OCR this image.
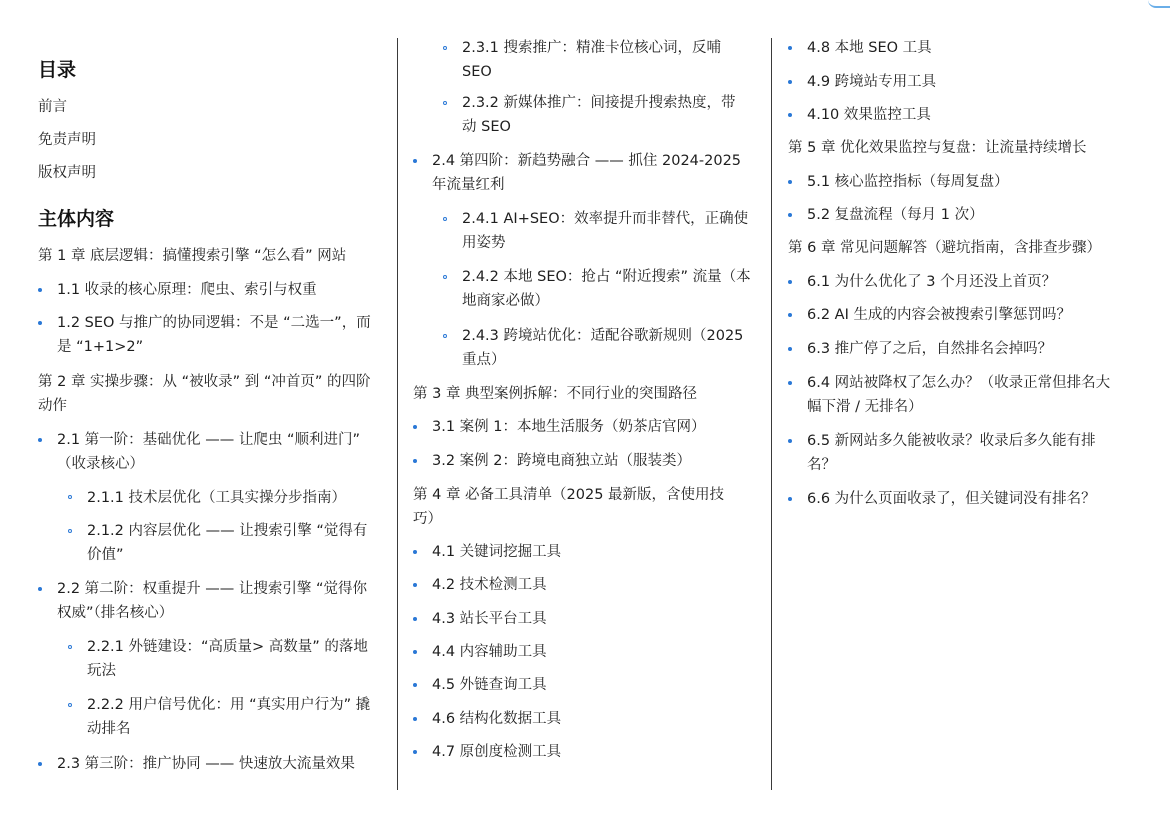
目录
前言
免责声明
版权声明
主体内容
第 1 章 底层逻辑：搞懂搜索引擎 “怎么看” 网站
1.1 收录的核心原理：爬虫、索引与权重
1.2 SEO 与推广的协同逻辑：不是 “二选一”，而
是 “1+1>2”
第 2 章 实操步骤：从 “被收录” 到 “冲首页” 的四阶
动作
2.1 第一阶：基础优化 —— 让爬虫 “顺利进门”
（收录核心）
2.1.1 技术层优化（工具实操分步指南）
2.1.2 内容层优化 —— 让搜索引擎 “觉得有
价值”
2.2 第二阶：权重提升 —— 让搜索引擎 “觉得你
权威”（排名核心）
2.2.1 外链建设：“高质量> 高数量” 的落地
玩法
2.2.2 用户信号优化：用 “真实用户行为” 撬
动排名
2.3 第三阶：推广协同 —— 快速放大流量效果
2.3.1 搜索推广：精准卡位核心词，反哺
SEO
2.3.2 新媒体推广：间接提升搜索热度，带
动 SEO
2.4 第四阶：新趋势融合 —— 抓住 2024-2025
年流量红利
2.4.1 AI+SEO：效率提升而非替代，正确使
用姿势
2.4.2 本地 SEO：抢占 “附近搜索” 流量（本
地商家必做）
2.4.3 跨境站优化：适配谷歌新规则（2025
重点）
第 3 章 典型案例拆解：不同行业的突围路径
3.1 案例 1：本地生活服务（奶茶店官网）
3.2 案例 2：跨境电商独立站（服装类）
第 4 章 必备工具清单（2025 最新版，含使用技
巧）
4.1 关键词挖掘工具
4.2 技术检测工具
4.3 站长平台工具
4.4 内容辅助工具
4.5 外链查询工具
4.6 结构化数据工具
4.7 原创度检测工具
4.8 本地 SEO 工具
4.9 跨境站专用工具
4.10 效果监控工具
第 5 章 优化效果监控与复盘：让流量持续增长
5.1 核心监控指标（每周复盘）
5.2 复盘流程（每月 1 次）
第 6 章 常见问题解答（避坑指南，含排查步骤）
6.1 为什么优化了 3 个月还没上首页？
6.2 AI 生成的内容会被搜索引擎惩罚吗？
6.3 推广停了之后，自然排名会掉吗？
6.4 网站被降权了怎么办？（收录正常但排名大
幅下滑 / 无排名）
6.5 新网站多久能被收录？收录后多久能有排
名？
6.6 为什么页面收录了，但关键词没有排名？
